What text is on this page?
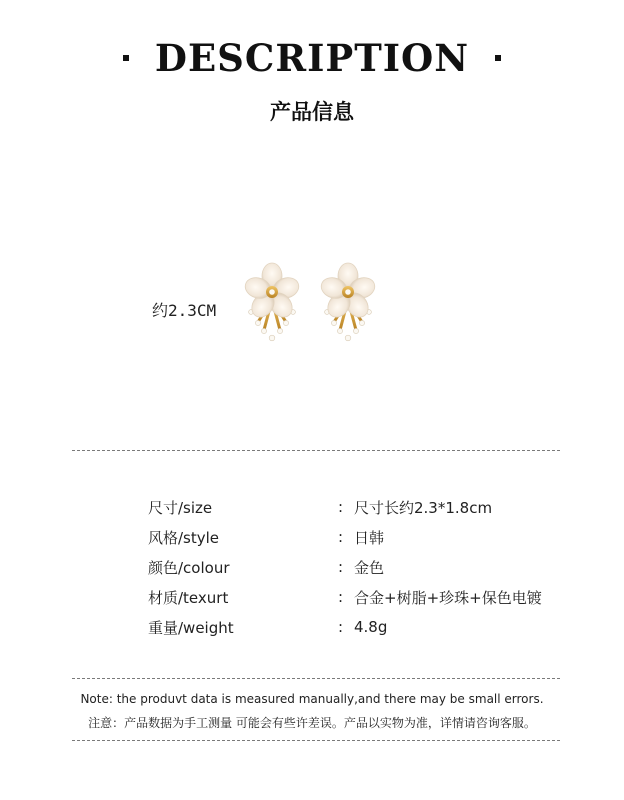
DESCRIPTION
产品信息
约2.3CM
尺寸/size	: 尺寸长约2.3*1.8cm
风格/style	: 日韩
颜色/colour	: 金色
材质/texurt	: 合金+树脂+珍珠+保色电镀
重量/weight	: 4.8g
Note: the produvt data is measured manually,and there may be small errors.
注意：产品数据为手工测量 可能会有些许差误。产品以实物为准，详情请咨询客服。
